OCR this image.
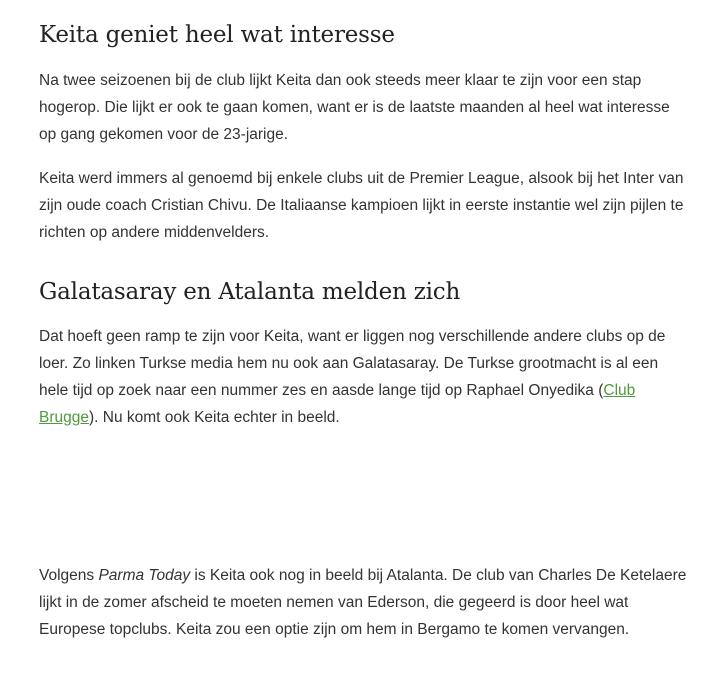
Keita geniet heel wat interesse

Na twee seizoenen bij de club lijkt Keita dan ook steeds meer klaar te zijn voor een stap hogerop. Die lijkt er ook te gaan komen, want er is de laatste maanden al heel wat interesse op gang gekomen voor de 23-jarige.

Keita werd immers al genoemd bij enkele clubs uit de Premier League, alsook bij het Inter van zijn oude coach Cristian Chivu. De Italiaanse kampioen lijkt in eerste instantie wel zijn pijlen te richten op andere middenvelders.

Galatasaray en Atalanta melden zich

Dat hoeft geen ramp te zijn voor Keita, want er liggen nog verschillende andere clubs op de loer. Zo linken Turkse media hem nu ook aan Galatasaray. De Turkse grootmacht is al een hele tijd op zoek naar een nummer zes en aasde lange tijd op Raphael Onyedika (Club Brugge). Nu komt ook Keita echter in beeld.

Volgens Parma Today is Keita ook nog in beeld bij Atalanta. De club van Charles De Ketelaere lijkt in de zomer afscheid te moeten nemen van Ederson, die gegeerd is door heel wat Europese topclubs. Keita zou een optie zijn om hem in Bergamo te komen vervangen.
